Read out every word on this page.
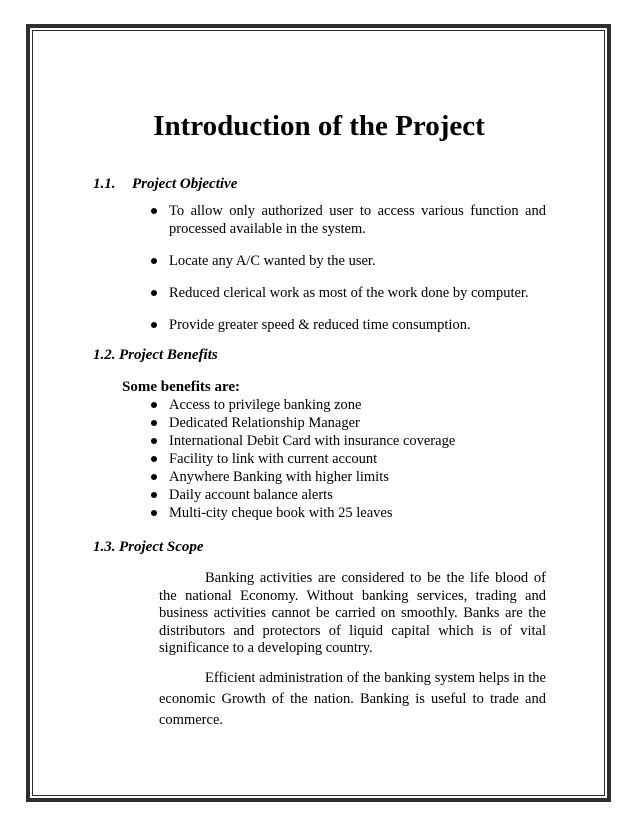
Introduction of the Project
1.1. Project Objective
To allow only authorized user to access various function and processed available in the system.
Locate any A/C wanted by the user.
Reduced clerical work as most of the work done by computer.
Provide greater speed & reduced time consumption.
1.2. Project Benefits
Some benefits are:
Access to privilege banking zone
Dedicated Relationship Manager
International Debit Card with insurance coverage
Facility to link with current account
Anywhere Banking with higher limits
Daily account balance alerts
Multi-city cheque book with 25 leaves
1.3. Project Scope
Banking activities are considered to be the life blood of the national Economy. Without banking services, trading and business activities cannot be carried on smoothly. Banks are the distributors and protectors of liquid capital which is of vital significance to a developing country.
Efficient administration of the banking system helps in the economic Growth of the nation. Banking is useful to trade and commerce.
